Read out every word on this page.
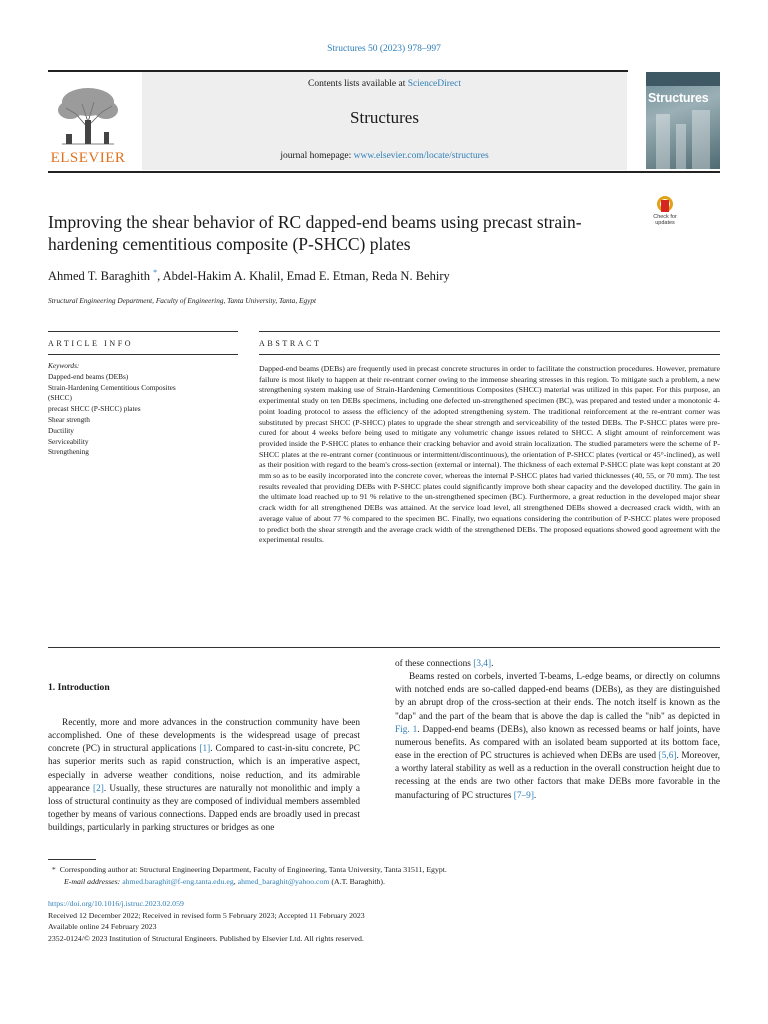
Structures 50 (2023) 978–997
Contents lists available at ScienceDirect
Structures
journal homepage: www.elsevier.com/locate/structures
ELSEVIER
Structures
Improving the shear behavior of RC dapped-end beams using precast strain-hardening cementitious composite (P-SHCC) plates
Check for
updates
Ahmed T. Baraghith *, Abdel-Hakim A. Khalil, Emad E. Etman, Reda N. Behiry
Structural Engineering Department, Faculty of Engineering, Tanta University, Tanta, Egypt
ARTICLE INFO	ABSTRACT
Keywords:
Dapped-end beams (DEBs)
Strain-Hardening Cementitious Composites
(SHCC)
precast SHCC (P-SHCC) plates
Shear strength
Ductility
Serviceability
Strengthening
Dapped-end beams (DEBs) are frequently used in precast concrete structures in order to facilitate the construction procedures. However, premature failure is most likely to happen at their re-entrant corner owing to the immense shearing stresses in this region. To mitigate such a problem, a new strengthening system making use of Strain-Hardening Cementitious Composites (SHCC) material was utilized in this paper. For this purpose, an experimental study on ten DEBs specimens, including one defected un-strengthened specimen (BC), was prepared and tested under a monotonic 4-point loading protocol to assess the efficiency of the adopted strengthening system. The traditional reinforcement at the re-entrant corner was substituted by precast SHCC (P-SHCC) plates to upgrade the shear strength and serviceability of the tested DEBs. The P-SHCC plates were pre-cured for about 4 weeks before being used to mitigate any volumetric change issues related to SHCC. A slight amount of reinforcement was provided inside the P-SHCC plates to enhance their cracking behavior and avoid strain localization. The studied parameters were the scheme of P-SHCC plates at the re-entrant corner (continuous or intermittent/discontinuous), the orientation of P-SHCC plates (vertical or 45°-inclined), as well as their position with regard to the beam's cross-section (external or internal). The thickness of each external P-SHCC plate was kept constant at 20 mm so as to be easily incorporated into the concrete cover, whereas the internal P-SHCC plates had varied thicknesses (40, 55, or 70 mm). The test results revealed that providing DEBs with P-SHCC plates could significantly improve both shear capacity and the developed ductility. The gain in the ultimate load reached up to 91 % relative to the un-strengthened specimen (BC). Furthermore, a great reduction in the developed major shear crack width for all strengthened DEBs was attained. At the service load level, all strengthened DEBs showed a decreased crack width, with an average value of about 77 % compared to the specimen BC. Finally, two equations considering the contribution of P-SHCC plates were proposed to predict both the shear strength and the average crack width of the strengthened DEBs. The proposed equations showed good agreement with the experimental results.
1. Introduction

Recently, more and more advances in the construction community have been accomplished. One of these developments is the widespread usage of precast concrete (PC) in structural applications [1]. Compared to cast-in-situ concrete, PC has superior merits such as rapid construction, which is an imperative aspect, especially in adverse weather conditions, noise reduction, and its admirable appearance [2]. Usually, these structures are naturally not monolithic and imply a loss of structural continuity as they are composed of individual members assembled together by means of various connections. Dapped ends are broadly used in precast buildings, particularly in parking structures or bridges as one

of these connections [3,4].

Beams rested on corbels, inverted T-beams, L-edge beams, or directly on columns with notched ends are so-called dapped-end beams (DEBs), as they are distinguished by an abrupt drop of the cross-section at their ends. The notch itself is known as the "dap" and the part of the beam that is above the dap is called the "nib" as depicted in Fig. 1. Dapped-end beams (DEBs), also known as recessed beams or half joints, have numerous benefits. As compared with an isolated beam supported at its bottom face, ease in the erection of PC structures is achieved when DEBs are used [5,6]. Moreover, a worthy lateral stability as well as a reduction in the overall construction height due to recessing at the ends are two other factors that make DEBs more favorable in the manufacturing of PC structures [7–9].

* Corresponding author at: Structural Engineering Department, Faculty of Engineering, Tanta University, Tanta 31511, Egypt.
E-mail addresses: ahmed.baraghit@f-eng.tanta.edu.eg, ahmed_baraghit@yahoo.com (A.T. Baraghith).
https://doi.org/10.1016/j.istruc.2023.02.059
Received 12 December 2022; Received in revised form 5 February 2023; Accepted 11 February 2023
Available online 24 February 2023
2352-0124/© 2023 Institution of Structural Engineers. Published by Elsevier Ltd. All rights reserved.
